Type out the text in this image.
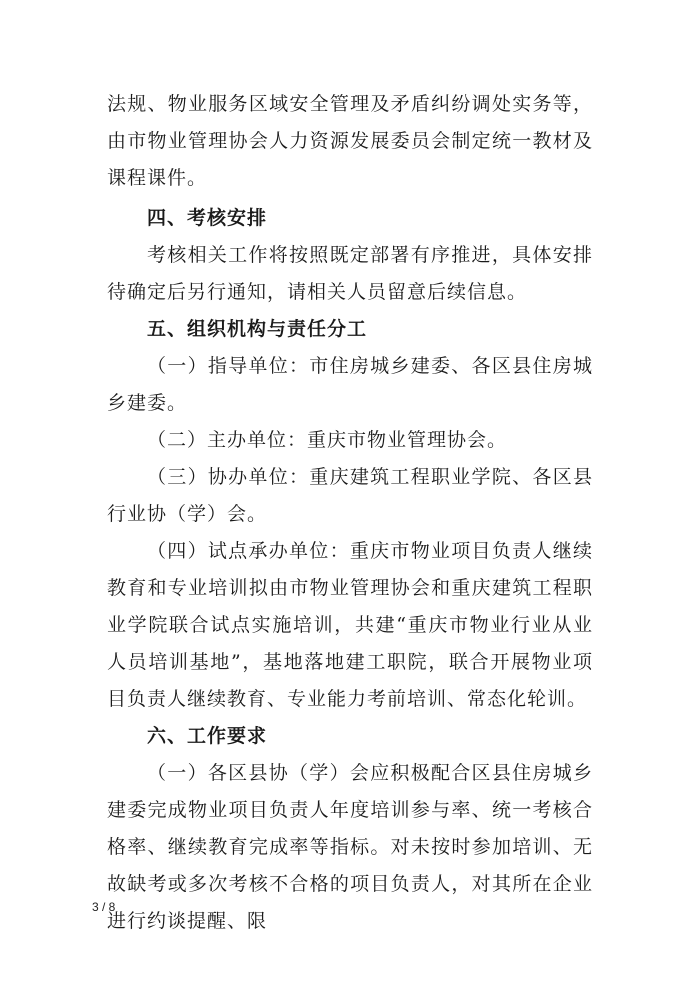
法规、物业服务区域安全管理及矛盾纠纷调处实务等，由市物业管理协会人力资源发展委员会制定统一教材及课程课件。

四、考核安排

考核相关工作将按照既定部署有序推进，具体安排待确定后另行通知，请相关人员留意后续信息。

五、组织机构与责任分工

（一）指导单位：市住房城乡建委、各区县住房城乡建委。

（二）主办单位：重庆市物业管理协会。

（三）协办单位：重庆建筑工程职业学院、各区县行业协（学）会。

（四）试点承办单位：重庆市物业项目负责人继续教育和专业培训拟由市物业管理协会和重庆建筑工程职业学院联合试点实施培训，共建“重庆市物业行业从业人员培训基地”，基地落地建工职院，联合开展物业项目负责人继续教育、专业能力考前培训、常态化轮训。

六、工作要求

（一）各区县协（学）会应积极配合区县住房城乡建委完成物业项目负责人年度培训参与率、统一考核合格率、继续教育完成率等指标。对未按时参加培训、无故缺考或多次考核不合格的项目负责人，对其所在企业进行约谈提醒、限

3 / 8
